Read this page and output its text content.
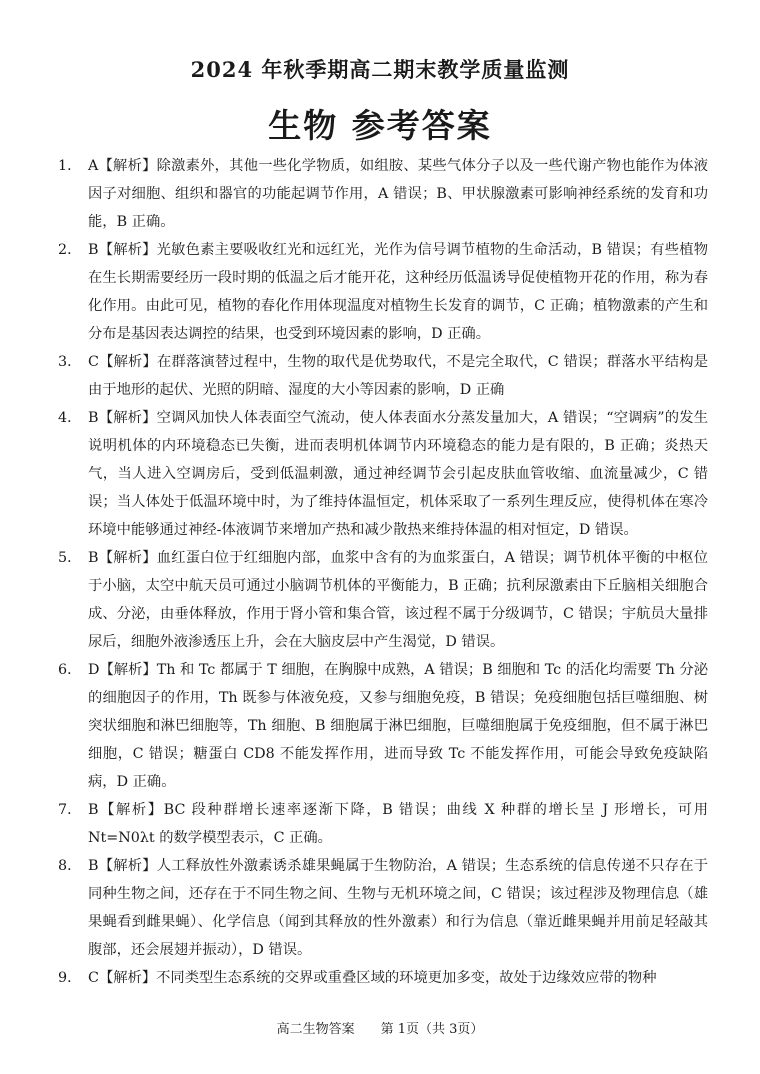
2024 年秋季期高二期末教学质量监测
生物 参考答案

1． A【解析】除激素外，其他一些化学物质，如组胺、某些气体分子以及一些代谢产物也能作为体液因子对细胞、组织和器官的功能起调节作用，A 错误；B、甲状腺激素可影响神经系统的发育和功能，B 正确。

2． B【解析】光敏色素主要吸收红光和远红光，光作为信号调节植物的生命活动，B 错误；有些植物在生长期需要经历一段时期的低温之后才能开花，这种经历低温诱导促使植物开花的作用，称为春化作用。由此可见，植物的春化作用体现温度对植物生长发育的调节，C 正确；植物激素的产生和分布是基因表达调控的结果，也受到环境因素的影响，D 正确。

3． C【解析】在群落演替过程中，生物的取代是优势取代，不是完全取代，C 错误；群落水平结构是由于地形的起伏、光照的阴暗、湿度的大小等因素的影响，D 正确

4． B【解析】空调风加快人体表面空气流动，使人体表面水分蒸发量加大，A 错误；“空调病”的发生说明机体的内环境稳态已失衡，进而表明机体调节内环境稳态的能力是有限的，B 正确；炎热天气，当人进入空调房后，受到低温刺激，通过神经调节会引起皮肤血管收缩、血流量减少，C 错误；当人体处于低温环境中时，为了维持体温恒定，机体采取了一系列生理反应，使得机体在寒冷环境中能够通过神经-体液调节来增加产热和减少散热来维持体温的相对恒定，D 错误。

5． B【解析】血红蛋白位于红细胞内部，血浆中含有的为血浆蛋白，A 错误；调节机体平衡的中枢位于小脑，太空中航天员可通过小脑调节机体的平衡能力，B 正确；抗利尿激素由下丘脑相关细胞合成、分泌，由垂体释放，作用于肾小管和集合管，该过程不属于分级调节，C 错误；宇航员大量排尿后，细胞外液渗透压上升，会在大脑皮层中产生渴觉，D 错误。

6． D【解析】Th 和 Tc 都属于 T 细胞，在胸腺中成熟，A 错误；B 细胞和 Tc 的活化均需要 Th 分泌的细胞因子的作用，Th 既参与体液免疫，又参与细胞免疫，B 错误；免疫细胞包括巨噬细胞、树突状细胞和淋巴细胞等，Th 细胞、B 细胞属于淋巴细胞，巨噬细胞属于免疫细胞，但不属于淋巴细胞，C 错误；糖蛋白 CD8 不能发挥作用，进而导致 Tc 不能发挥作用，可能会导致免疫缺陷病，D 正确。

7． B【解析】BC 段种群增长速率逐渐下降，B 错误；曲线 X 种群的增长呈 J 形增长，可用 Nt=N0λt 的数学模型表示，C 正确。

8． B【解析】人工释放性外激素诱杀雄果蝇属于生物防治，A 错误；生态系统的信息传递不只存在于同种生物之间，还存在于不同生物之间、生物与无机环境之间，C 错误；该过程涉及物理信息（雄果蝇看到雌果蝇）、化学信息（闻到其释放的性外激素）和行为信息（靠近雌果蝇并用前足轻敲其腹部，还会展翅并振动），D 错误。

9． C【解析】不同类型生态系统的交界或重叠区域的环境更加多变，故处于边缘效应带的物种

高二生物答案　　第 1页（共 3页）
